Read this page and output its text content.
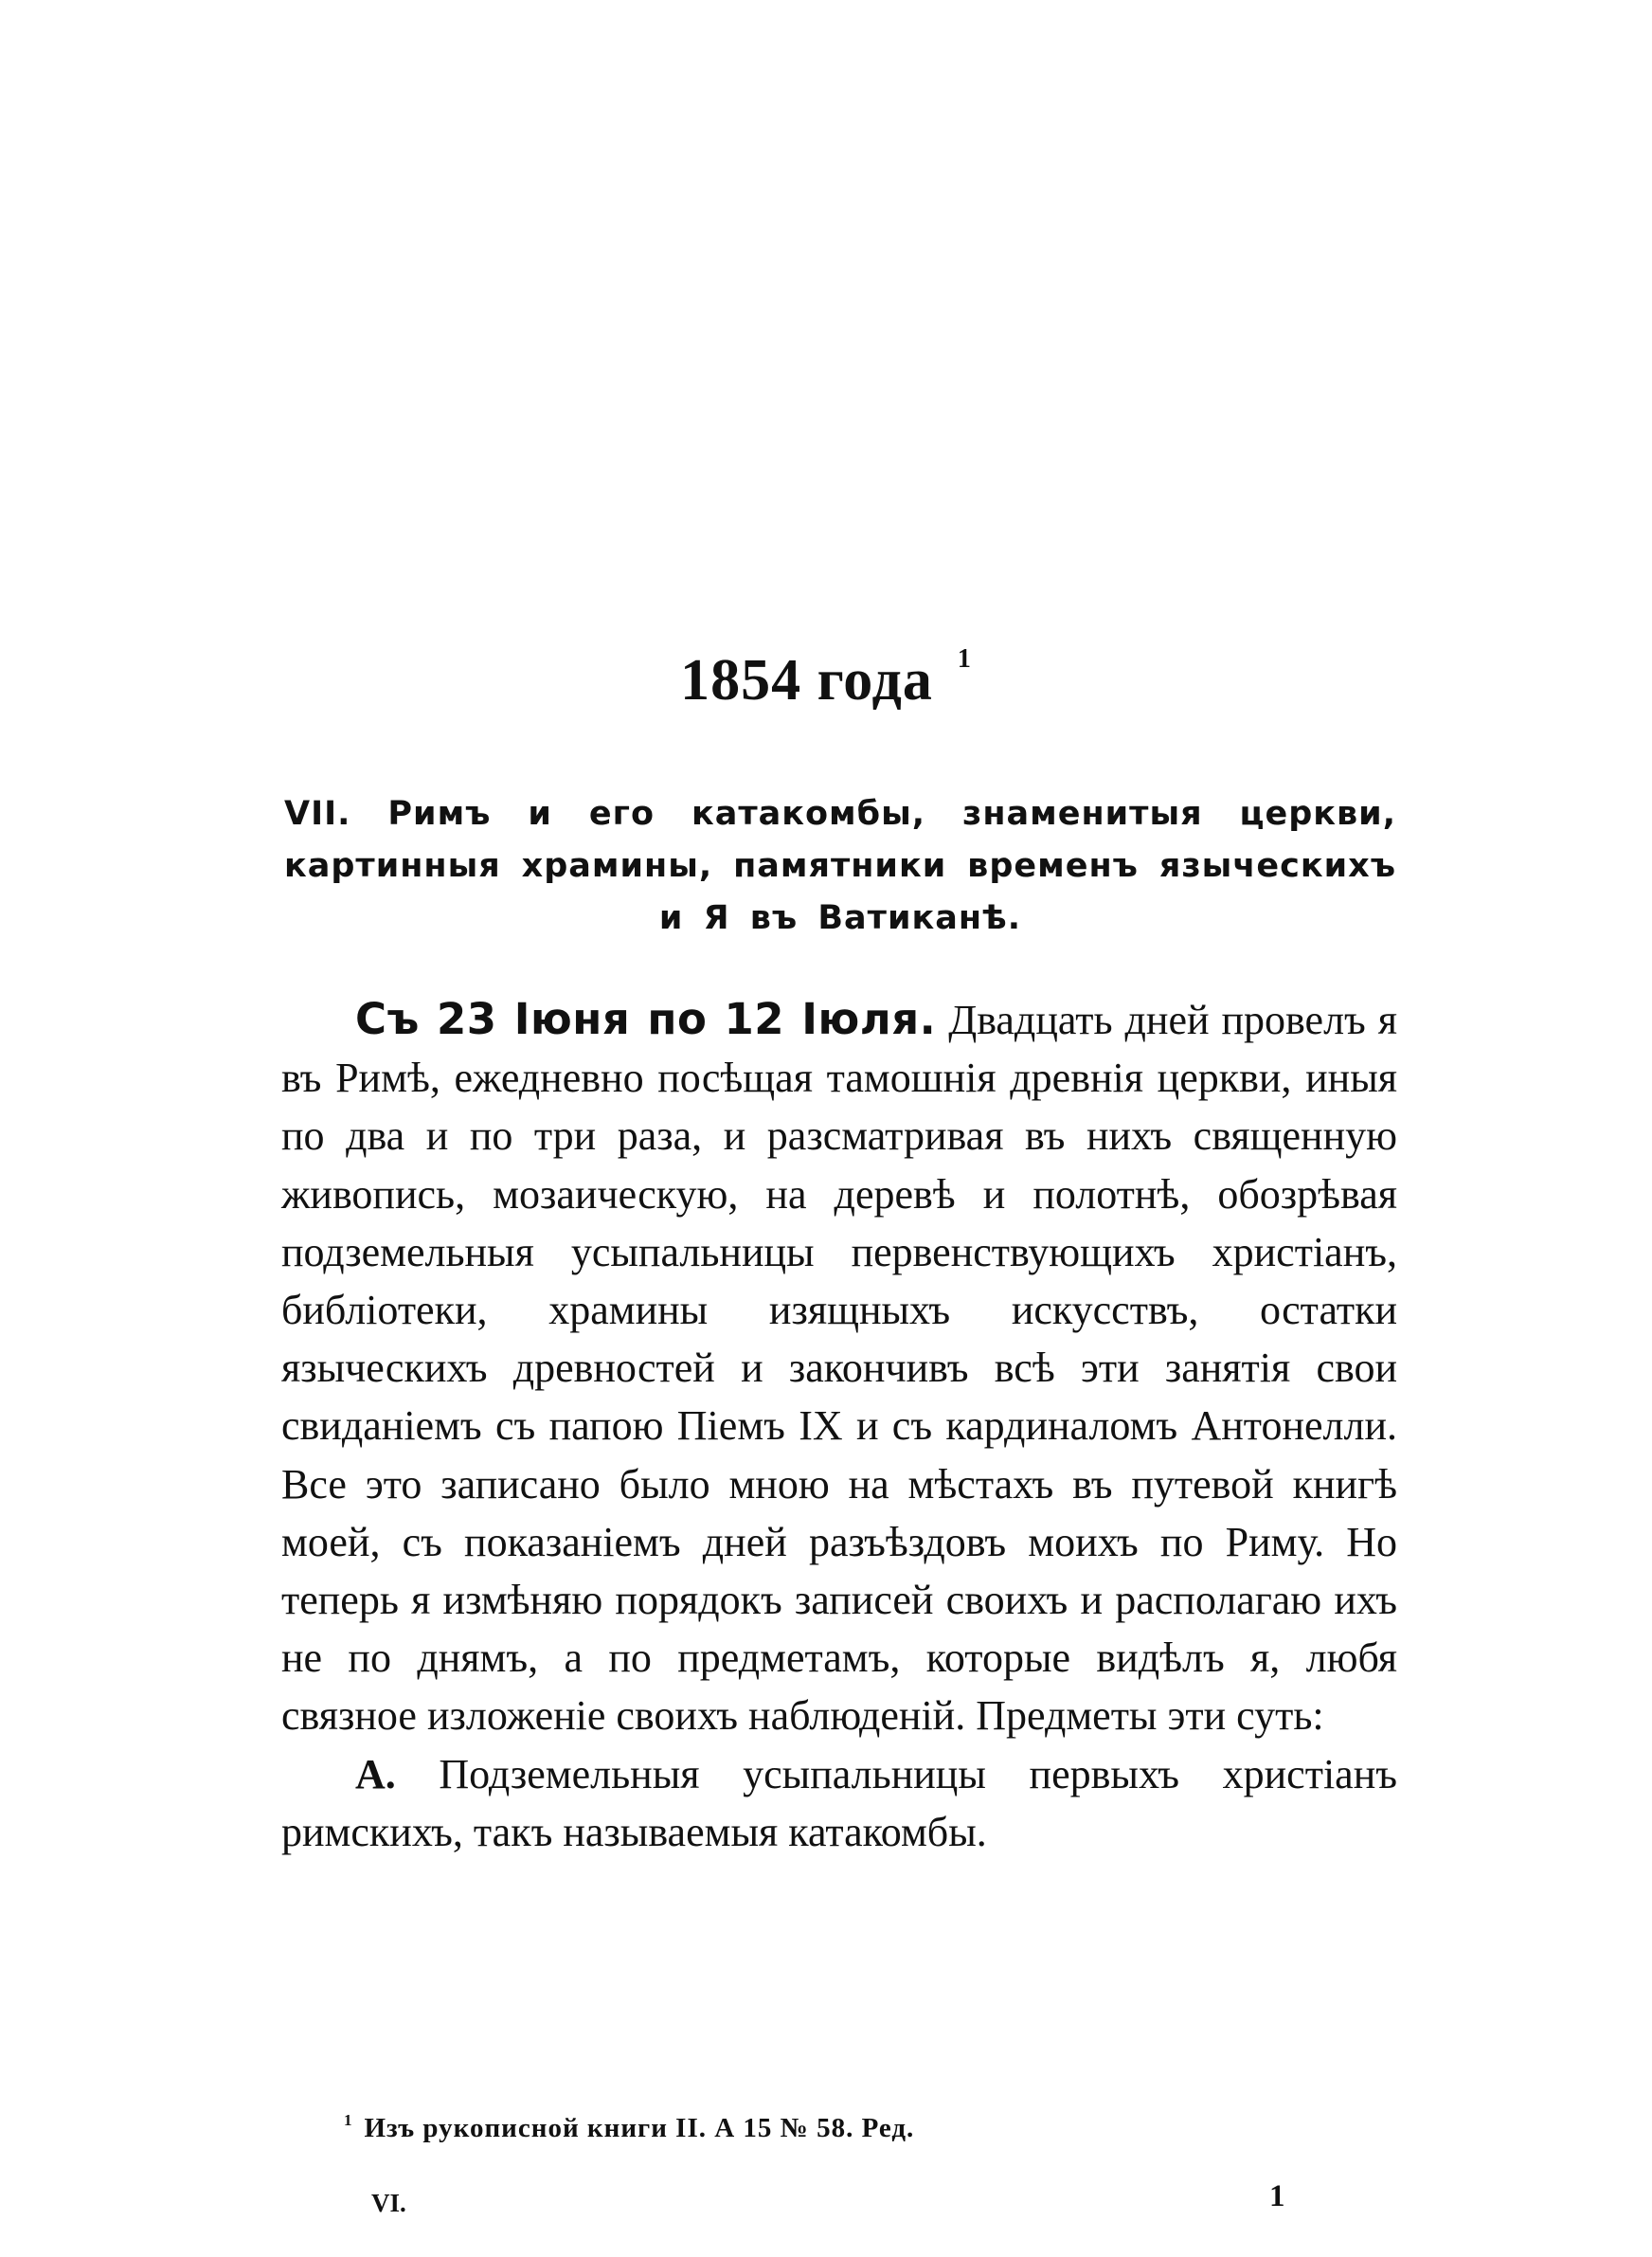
1854 года $^1$
VII. Римъ и его катакомбы, знаменитыя церкви, картинныя храмины, памятники временъ языческихъ и Я въ Ватиканѣ.

Съ 23 Іюня по 12 Іюля. Двадцать дней провелъ я въ Римѣ, ежедневно посѣщая тамошнія древнія церкви, иныя по два и по три раза, и разсматривая въ нихъ священную живопись, мозаическую, на деревѣ и полотнѣ, обозрѣвая подземельныя усыпальницы первенствующихъ христіанъ, библіотеки, храмины изящныхъ искусствъ, остатки языческихъ древностей и закончивъ всѣ эти занятія свои свиданіемъ съ папою Піемъ IX и съ кардиналомъ Антонелли. Все это записано было мною на мѣстахъ въ путевой книгѣ моей, съ показаніемъ дней разъѣздовъ моихъ по Риму. Но теперь я измѣняю порядокъ записей своихъ и располагаю ихъ не по днямъ, а по предметамъ, которые видѣлъ я, любя связное изложеніе своихъ наблюденій. Предметы эти суть:

А. Подземельныя усыпальницы первыхъ христіанъ римскихъ, такъ называемыя катакомбы.

$^1$ Изъ рукописной книги II. А 15 № 58. Ред.
VI.	1
